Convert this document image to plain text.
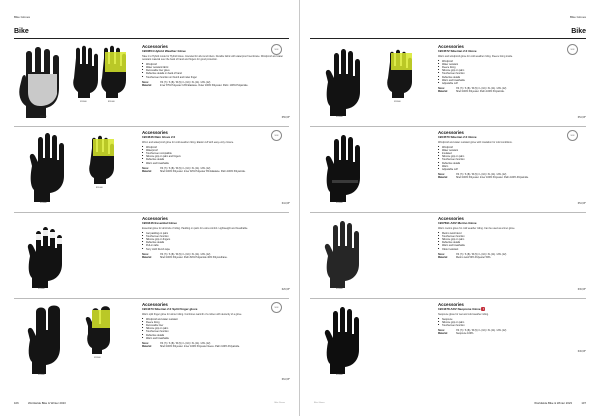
Bike Gloves
Bike
999000
999900	851000
Accessories
1903654 Hybrid Weather Glove
Take it to Hybrid mode for Hybrid Glove. Intended for all-round riders. Durable fabric with waterproof membrane. Windproof and water resistant material over the back of hand and fingers for good protection.
■ Windproof
■ Water resistant fabric
■ Removable liner glove
■ Reflective details on back of hand
■ Touchscreen function on thumb and index finger
Sizes:	XS (7) / S (8) / M (9) / L (10) / XL (11) / 2XL (12)
Material:	Inner 87% Polyester 13% Elastane. Outer 100% Polyester. Palm: 100% Polyamide.
NEW
€59,95*
999000
851000
Accessories
1904646 Rain Glove 2.0
Wind- and waterproof glove for cold weather riding. Elastic cuff with easy entry closure.
■ Windproof
■ Waterproof
■ Touchscreen compatible
■ Silicone grip on palm and fingers
■ Reflective details
■ Warm and breathable
Sizes:	XS (7) / S (8) / M (9) / L (10) / XL (11) / 2XL (12)
Material:	Shell 100% Polyester. Inner 92% Polyester 8% Elastane. Palm 100% Polyamide.
NEW
€44,95*
999000
Accessories
1903446 Essential Glove
Essential glove for all kinds of riding. Padding on palm for extra comfort. Lightweight and breathable.
■ Gel padding on palm
■ Touchscreen function
■ Silicone grip on fingers
■ Reflective details
■ Pull-on tabs
■ Terry cloth thumb wipe
Sizes:	XS (7) / S (8) / M (9) / L (10) / XL (11) / 2XL (12)
Material:	Shell 100% Polyester. Palm 60% Polyamide 40% Polyurethane.
€29,95*
999000
999900
Accessories
1904373 Siberian 2.0 Split Finger glove
Warm split finger glove for winter riding. Combines warmth of a mitten with dexterity of a glove.
■ Windproof and water resistant
■ Fleece lining
■ Removable liner
■ Silicone grip on palm
■ Touchscreen function
■ Reflective details
■ Warm and breathable
Sizes:	XS (7) / S (8) / M (9) / L (10) / XL (11) / 2XL (12)
Material:	Shell 100% Polyester. Inner 100% Polyester fleece. Palm 100% Polyamide.
NEW
€64,95*
106	Worldwide Bike & Winter 2023	Bike Gloves
Bike Gloves
Bike
999000
999900
Accessories
1904572 Siberian 2.0 Glove
Warm and windproof glove for cold weather riding. Fleece lining inside.
■ Windproof
■ Water resistant
■ Fleece lining
■ Silicone grip on palm
■ Touchscreen function
■ Reflective details
■ Warm and breathable
■ Adjustable cuff
Sizes:	XS (7) / S (8) / M (9) / L (10) / XL (11) / 2XL (12)
Material:	Shell 100% Polyester. Palm 100% Polyamide.
NEW
€54,95*
999000
Accessories
1904570 Siberian 2.0 Glove
Windproof and water resistant glove with insulation for cold conditions.
■ Windproof
■ Water resistant
■ Insulated
■ Silicone grip on palm
■ Touchscreen function
■ Reflective details
■ Warm
■ Adjustable cuff
Sizes:	XS (7) / S (8) / M (9) / L (10) / XL (11) / 2XL (12)
Material:	Shell 100% Polyester. Inner 100% Polyester. Palm 100% Polyamide.
NEW
€54,95*
999000
Accessories
1907691 ADV Merino Glove
Warm merino glove for cold weather riding. Can be used as a liner glove.
■ Merino wool blend
■ Touchscreen function
■ Silicone grip on palm
■ Reflective details
■ Warm and breathable
■ Odour resistant
Sizes:	XS (7) / S (8) / M (9) / L (10) / XL (11) / 2XL (12)
Material:	Merino wool 50% Polyester 50%.
€39,95*
999000
Accessories
1904378 ADV Neoprene Glove !
Neoprene glove for wet and cold weather riding.
■ Neoprene
■ Silicone grip on palm
■ Touchscreen function
Sizes:	XS (7) / S (8) / M (9) / L (10) / XL (11) / 2XL (12)
Material:	Neoprene 100%.
€49,95*
107
Worldwide Bike & Winter 2023
Bike Gloves
